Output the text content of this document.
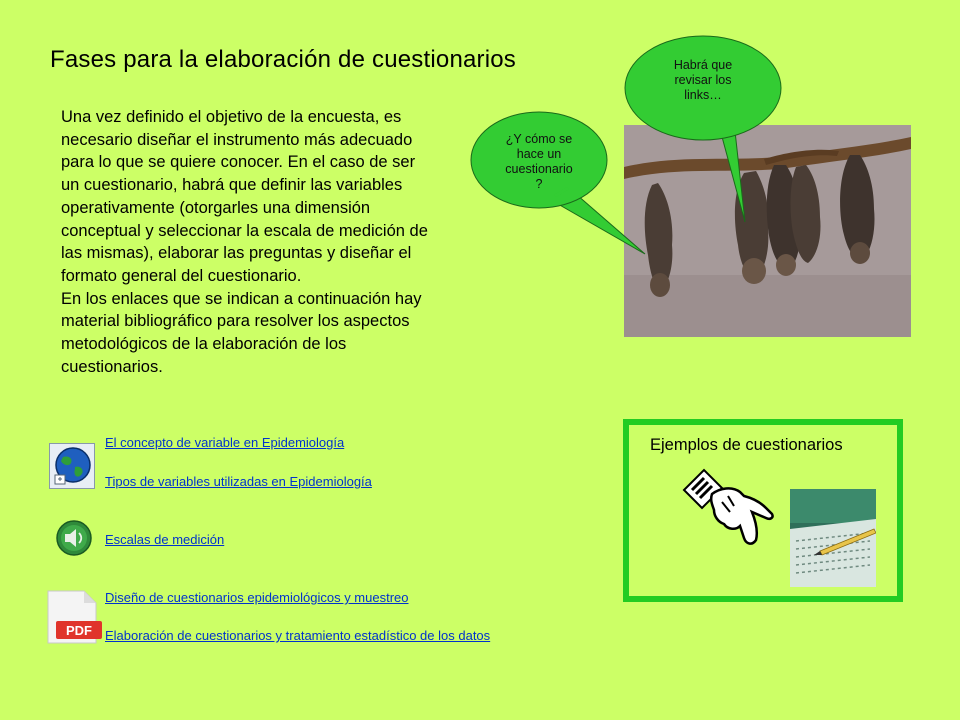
Fases para la elaboración de cuestionarios

Una vez definido el objetivo de la encuesta, es necesario diseñar el instrumento más adecuado para lo que se quiere conocer. En el caso de ser un cuestionario, habrá que definir las variables operativamente (otorgarles una dimensión conceptual y seleccionar la escala de medición de las mismas), elaborar las preguntas y diseñar el formato general del cuestionario.

En los enlaces que se indican a continuación hay material bibliográfico para resolver los aspectos metodológicos de la elaboración de los cuestionarios.

Habrá que
revisar los
links…
¿Y cómo se
hace un
cuestionario
?
El concepto de variable en Epidemiología
Tipos de variables utilizadas en Epidemiología
Escalas de medición
PDF
Diseño de cuestionarios epidemiológicos y muestreo
Elaboración de cuestionarios y tratamiento estadístico de los datos
Ejemplos de cuestionarios
